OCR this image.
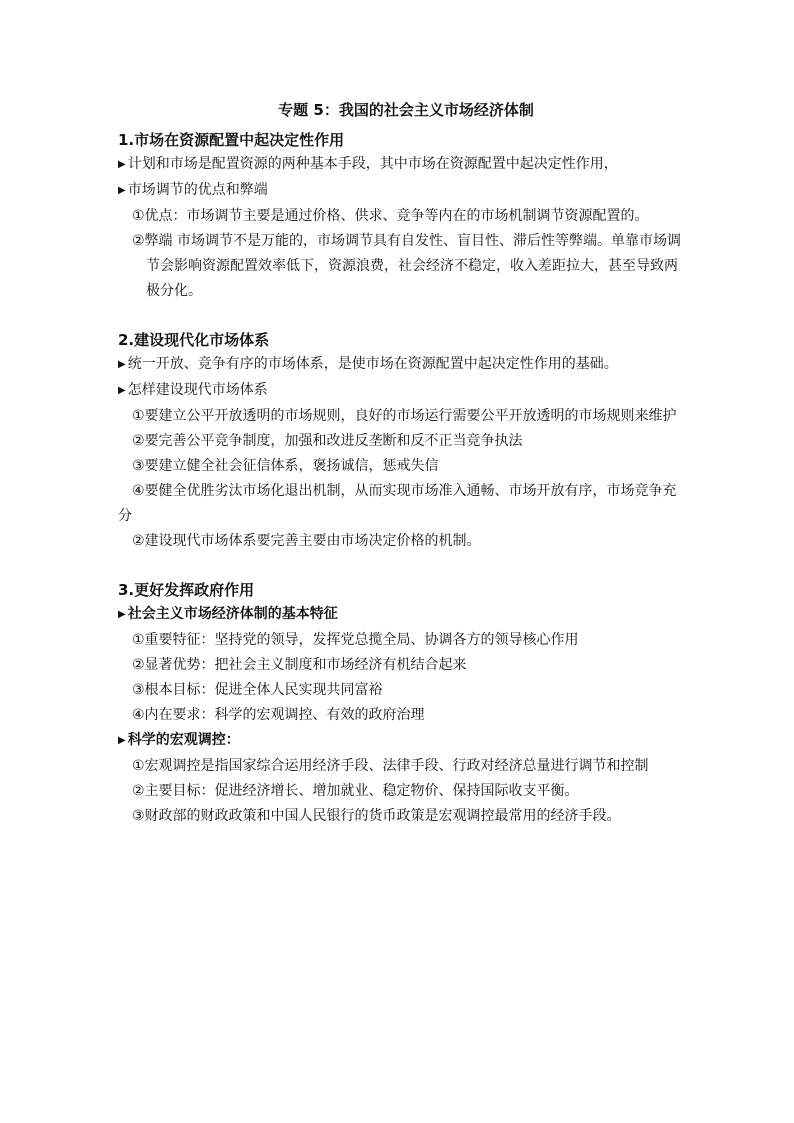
专题 5：我国的社会主义市场经济体制
1.市场在资源配置中起决定性作用
▶ 计划和市场是配置资源的两种基本手段，其中市场在资源配置中起决定性作用，
▶ 市场调节的优点和弊端
①优点：市场调节主要是通过价格、供求、竞争等内在的市场机制调节资源配置的。
②弊端 市场调节不是万能的，市场调节具有自发性、盲目性、滞后性等弊端。单靠市场调节会影响资源配置效率低下，资源浪费，社会经济不稳定，收入差距拉大，甚至导致两极分化。
2.建设现代化市场体系
▶ 统一开放、竞争有序的市场体系，是使市场在资源配置中起决定性作用的基础。
▶ 怎样建设现代市场体系
①要建立公平开放透明的市场规则，良好的市场运行需要公平开放透明的市场规则来维护
②要完善公平竞争制度，加强和改进反垄断和反不正当竞争执法
③要建立健全社会征信体系，褒扬诚信，惩戒失信
④要健全优胜劣汰市场化退出机制，从而实现市场准入通畅、市场开放有序，市场竞争充分
②建设现代市场体系要完善主要由市场决定价格的机制。
3.更好发挥政府作用
▶ 社会主义市场经济体制的基本特征
①重要特征：坚持党的领导，发挥党总揽全局、协调各方的领导核心作用
②显著优势：把社会主义制度和市场经济有机结合起来
③根本目标：促进全体人民实现共同富裕
④内在要求：科学的宏观调控、有效的政府治理
▶ 科学的宏观调控：
①宏观调控是指国家综合运用经济手段、法律手段、行政对经济总量进行调节和控制
②主要目标：促进经济增长、增加就业、稳定物价、保持国际收支平衡。
③财政部的财政政策和中国人民银行的货币政策是宏观调控最常用的经济手段。
